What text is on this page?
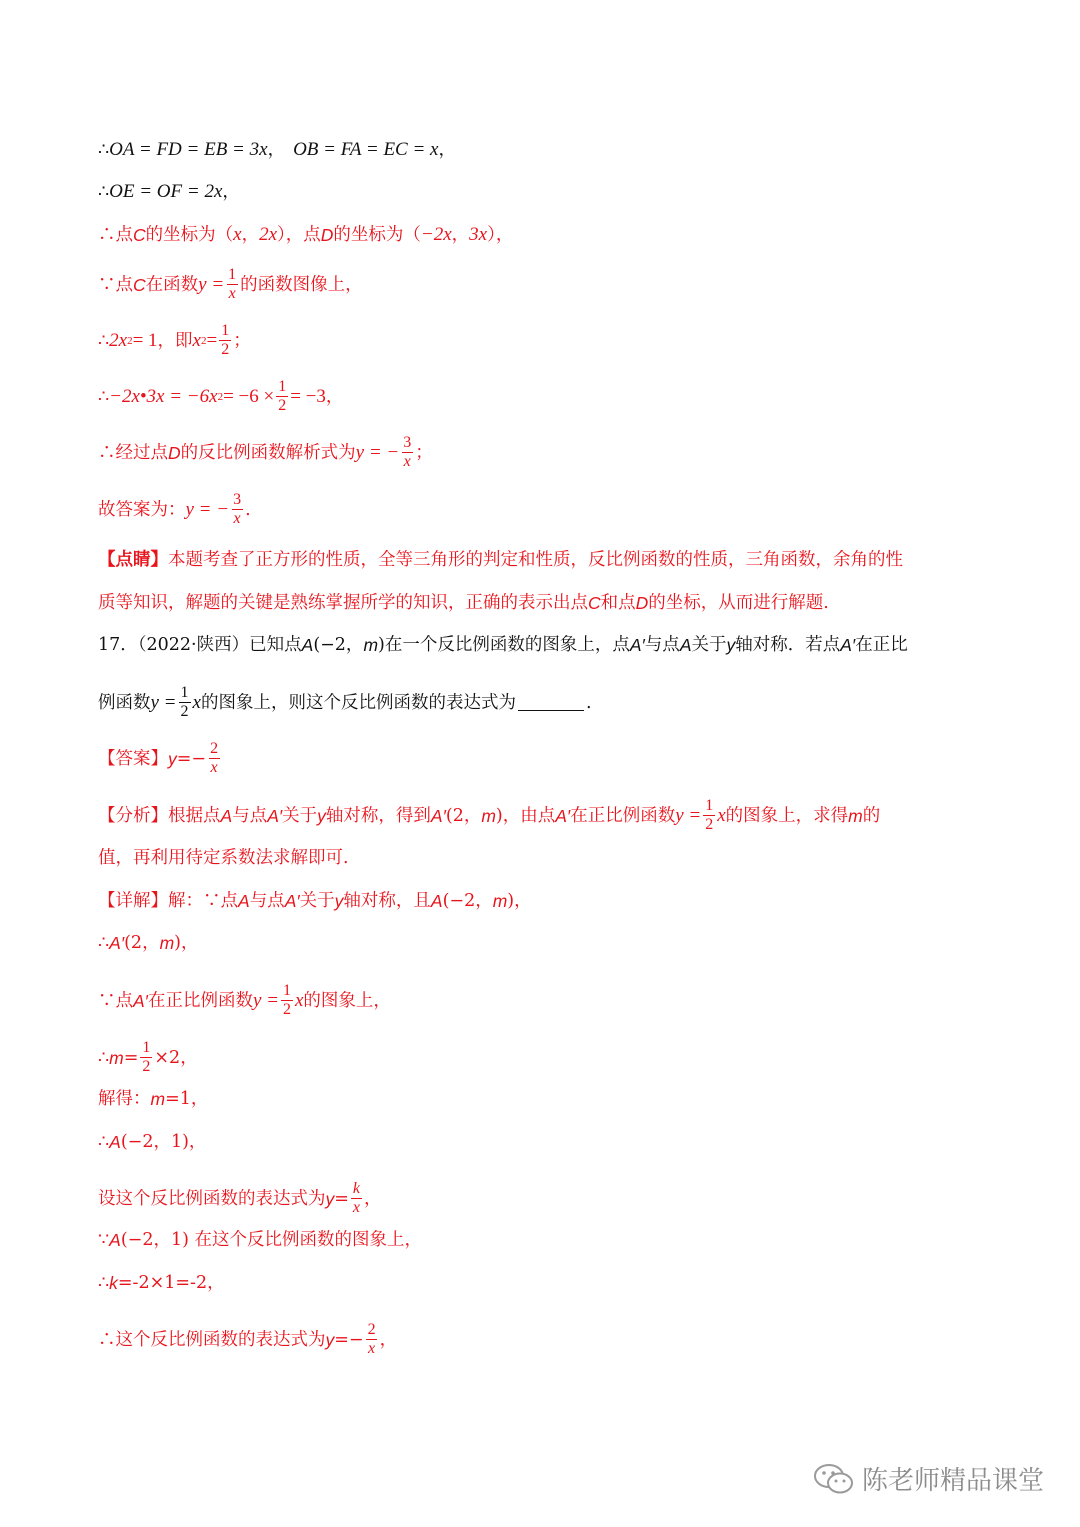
∴ OA = FD = EB = 3x ， OB = FA = EC = x ，
∴ OE = OF = 2x ，
∴点 C 的坐标为（ x ， 2x ），点 D 的坐标为（ −2x ， 3x ），
∵点 C 在函数 $y = \frac{1}{x}$ 的函数图像上，
∴ 2x 2 = 1 ，即 x $2 = \frac{1}{2}$ ；
∴ −2x•3x = −6x $2 = -6 \times \frac{1}{2} = -3$ ，
∴经过点 D 的反比例函数解析式为 y = − $\frac{3}{x}$ ；
故答案为： y = − $\frac{3}{x}$ .
【点睛】 本题考查了正方形的性质，全等三角形的判定和性质，反比例函数的性质，三角函数，余角的性
质等知识，解题的关键是熟练掌握所学的知识，正确的表示出点 C 和点 D 的坐标，从而进行解题.
17．（2022·陕西）已知点 A (−2， m )在一个反比例函数的图象上，点 A′ 与点 A 关于 y 轴对称．若点 A′ 在正比
例函数 $y = \frac{1}{2}$ x 的图象上，则这个反比例函数的表达式为	.
【答案】 $y =- \frac{2}{x}$
【分析】根据点 A 与点 A′ 关于 y 轴对称，得到 A′ (2， m )，由点 A′ 在正比例函数 $y = \frac{1}{2}$ x 的图象上，求得 m 的
值，再利用待定系数法求解即可.
【详解】解：∵点 A 与点 A′ 关于 y 轴对称，且 A (−2， m )，
∴ A′ (2， m )，
∵点 A′ 在正比例函数 $y = \frac{1}{2}$ x 的图象上，
∴ $m = \frac{1}{2} \times 2$，
解得： m =1，
∴ A (−2，1)，
设这个反比例函数的表达式为 $y = \frac{k}{x}$ ，
∵ A (−2，1) 在这个反比例函数的图象上，
∴ k =-2×1=-2，
∴这个反比例函数的表达式为 $y =- \frac{2}{x}$ ，
陈老师精品课堂
